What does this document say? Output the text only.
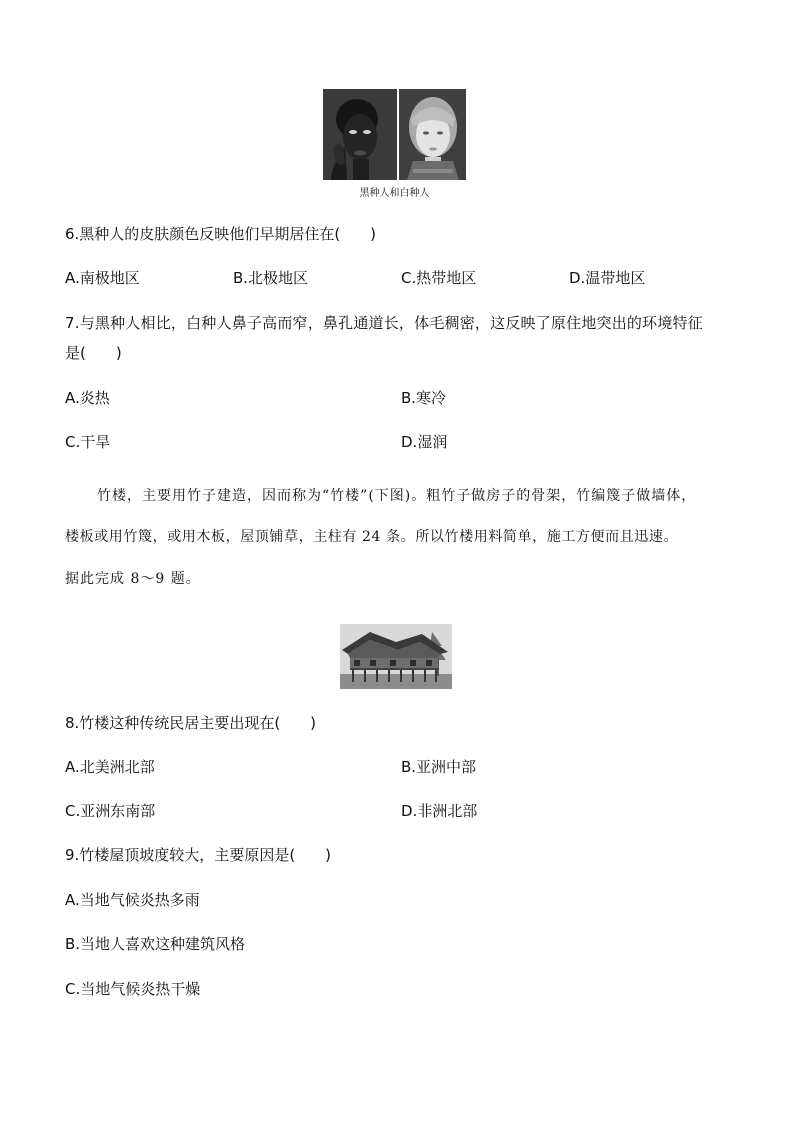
黑种人和白种人
6.黑种人的皮肤颜色反映他们早期居住在(　　)
A.南极地区	B.北极地区	C.热带地区	D.温带地区
7.与黑种人相比，白种人鼻子高而窄，鼻孔通道长，体毛稠密，这反映了原住地突出的环境特征
是(　　)
A.炎热	B.寒冷
C.干旱	D.湿润
竹楼，主要用竹子建造，因而称为“竹楼”(下图)。粗竹子做房子的骨架，竹编篾子做墙体，
楼板或用竹篾，或用木板，屋顶铺草，主柱有 24 条。所以竹楼用料简单，施工方便而且迅速。
据此完成 8～9 题。
8.竹楼这种传统民居主要出现在(　　)
A.北美洲北部	B.亚洲中部
C.亚洲东南部	D.非洲北部
9.竹楼屋顶坡度较大，主要原因是(　　)
A.当地气候炎热多雨
B.当地人喜欢这种建筑风格
C.当地气候炎热干燥
